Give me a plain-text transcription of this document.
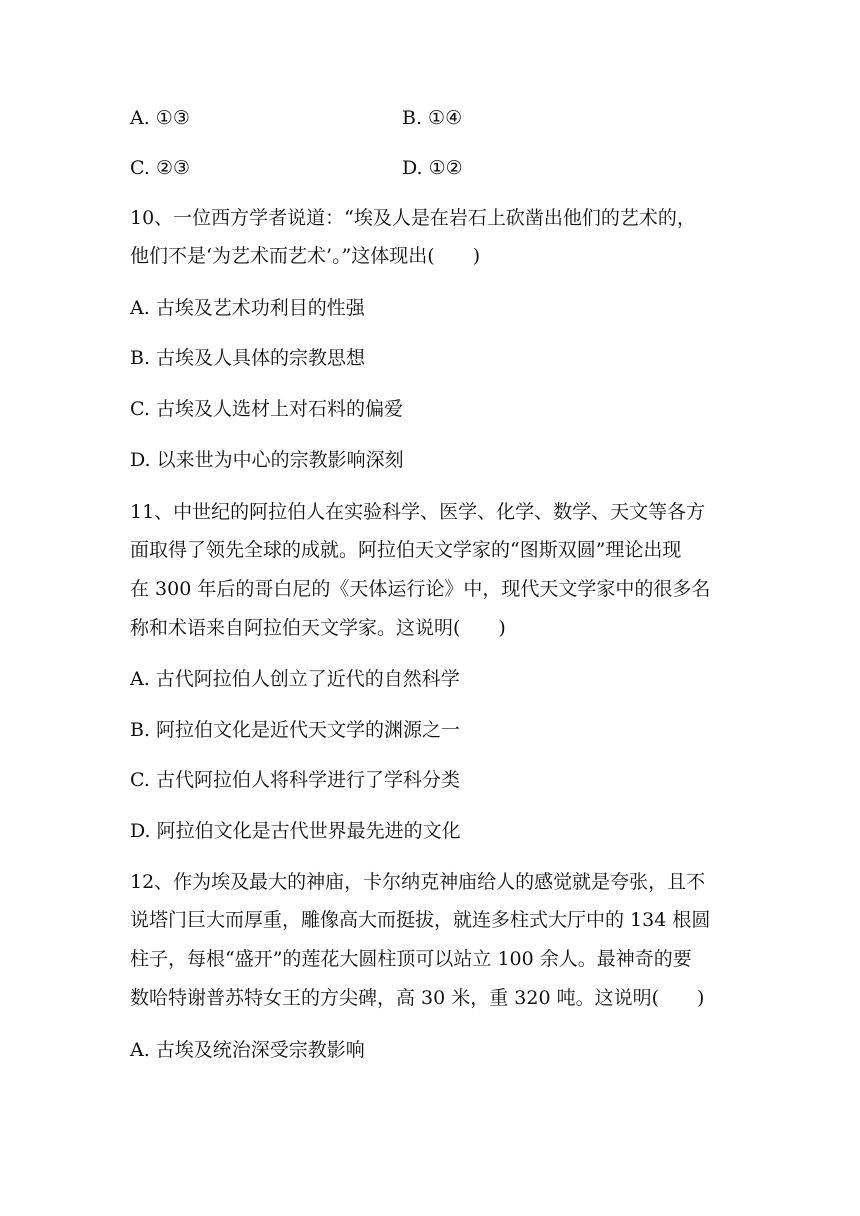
A. ①③	B. ①④
C. ②③	D. ①②
10、一位西方学者说道：“埃及人是在岩石上砍凿出他们的艺术的，
他们不是‘为艺术而艺术’。”这体现出(　　)
A. 古埃及艺术功利目的性强
B. 古埃及人具体的宗教思想
C. 古埃及人选材上对石料的偏爱
D. 以来世为中心的宗教影响深刻
11、中世纪的阿拉伯人在实验科学、医学、化学、数学、天文等各方
面取得了领先全球的成就。阿拉伯天文学家的“图斯双圆”理论出现
在 300 年后的哥白尼的《天体运行论》中，现代天文学家中的很多名
称和术语来自阿拉伯天文学家。这说明(　　)
A. 古代阿拉伯人创立了近代的自然科学
B. 阿拉伯文化是近代天文学的渊源之一
C. 古代阿拉伯人将科学进行了学科分类
D. 阿拉伯文化是古代世界最先进的文化
12、作为埃及最大的神庙，卡尔纳克神庙给人的感觉就是夸张，且不
说塔门巨大而厚重，雕像高大而挺拔，就连多柱式大厅中的 134 根圆
柱子，每根“盛开”的莲花大圆柱顶可以站立 100 余人。最神奇的要
数哈特谢普苏特女王的方尖碑，高 30 米，重 320 吨。这说明(　　)
A. 古埃及统治深受宗教影响
